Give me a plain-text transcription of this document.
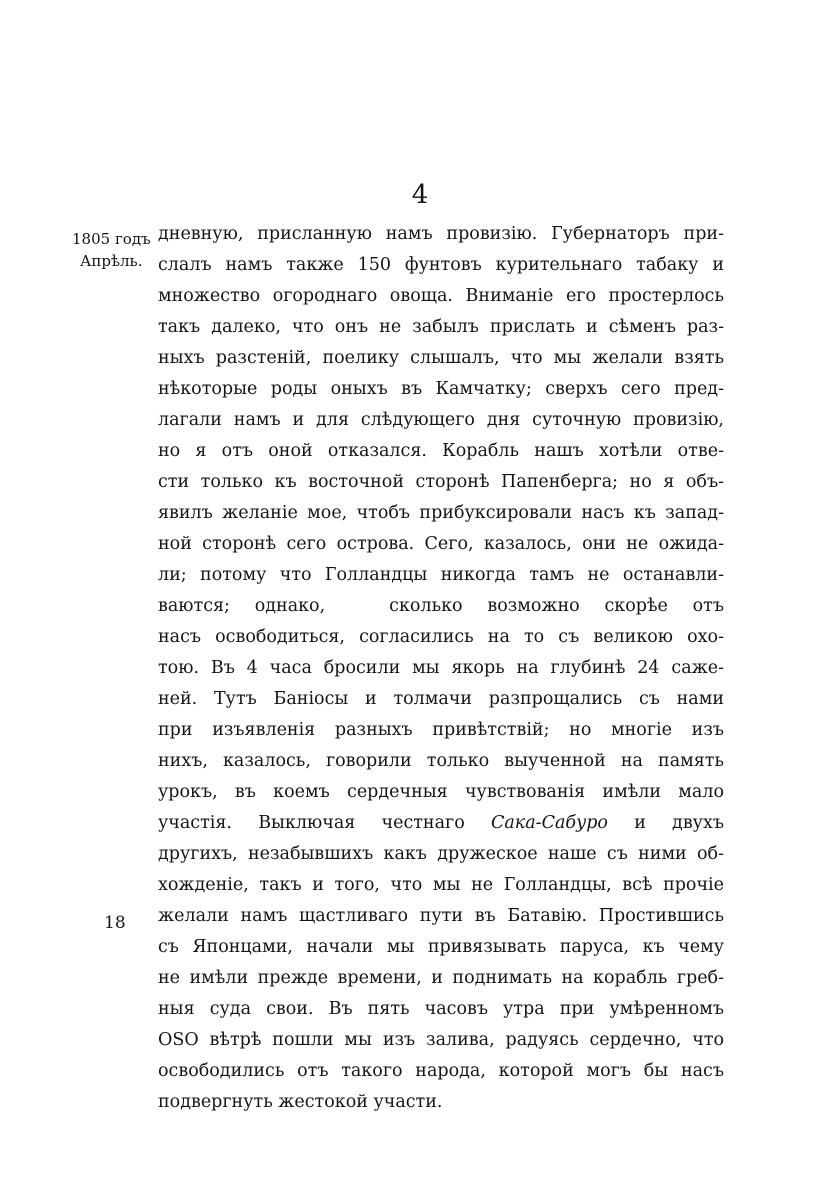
4
1805 годъ
Апрѣль.
18
дневную, присланную намъ провизію. Губернаторъ при-
слалъ намъ также 150 фунтовъ курительнаго табаку и
множество огороднаго овоща. Вниманіе его простерлось
такъ далеко, что онъ не забылъ прислать и сѣменъ раз-
ныхъ разстенiй, поелику слышалъ, что мы желали взять
нѣкоторые роды оныхъ въ Камчатку; сверхъ сего пред-
лагали намъ и для слѣдующего дня суточную провизію,
но я отъ оной отказался. Корабль нашъ хотѣли отве-
сти только къ восточной сторонѣ Папенберга; но я объ-
явилъ желаніе мое, чтобъ прибуксировали насъ къ запад-
ной сторонѣ сего острова. Сего, казалось, они не ожида-
ли; потому что Голландцы никогда тамъ не останавли-
ваются; однако,	сколько возможно скорѣе отъ
насъ освободиться, согласились на то съ великою охо-
тою. Въ 4 часа бросили мы якорь на глубинѣ 24 саже-
ней. Тутъ Баніосы и толмачи разпрощались съ нами
при изъявленія разныхъ привѣтствій; но многіе изъ
нихъ, казалось, говорили только выученной на память
урокъ, въ коемъ сердечныя чувствованія имѣли мало
участія. Выключая честнаго Сака-Сабуро и двухъ
другихъ, незабывшихъ какъ дружеское наше съ ними об-
хожденіе, такъ и того, что мы не Голландцы, всѣ прочіе
желали намъ щастливаго пути въ Батавію. Простившись
съ Японцами, начали мы привязывать паруса, къ чему
не имѣли прежде времени, и поднимать на корабль греб-
ныя суда свои. Въ пять часовъ утра при умѣренномъ
OSO вѣтрѣ пошли мы изъ залива, радуясь сердечно, что
освободились отъ такого народа, которой могъ бы насъ
подвергнуть жестокой участи.
